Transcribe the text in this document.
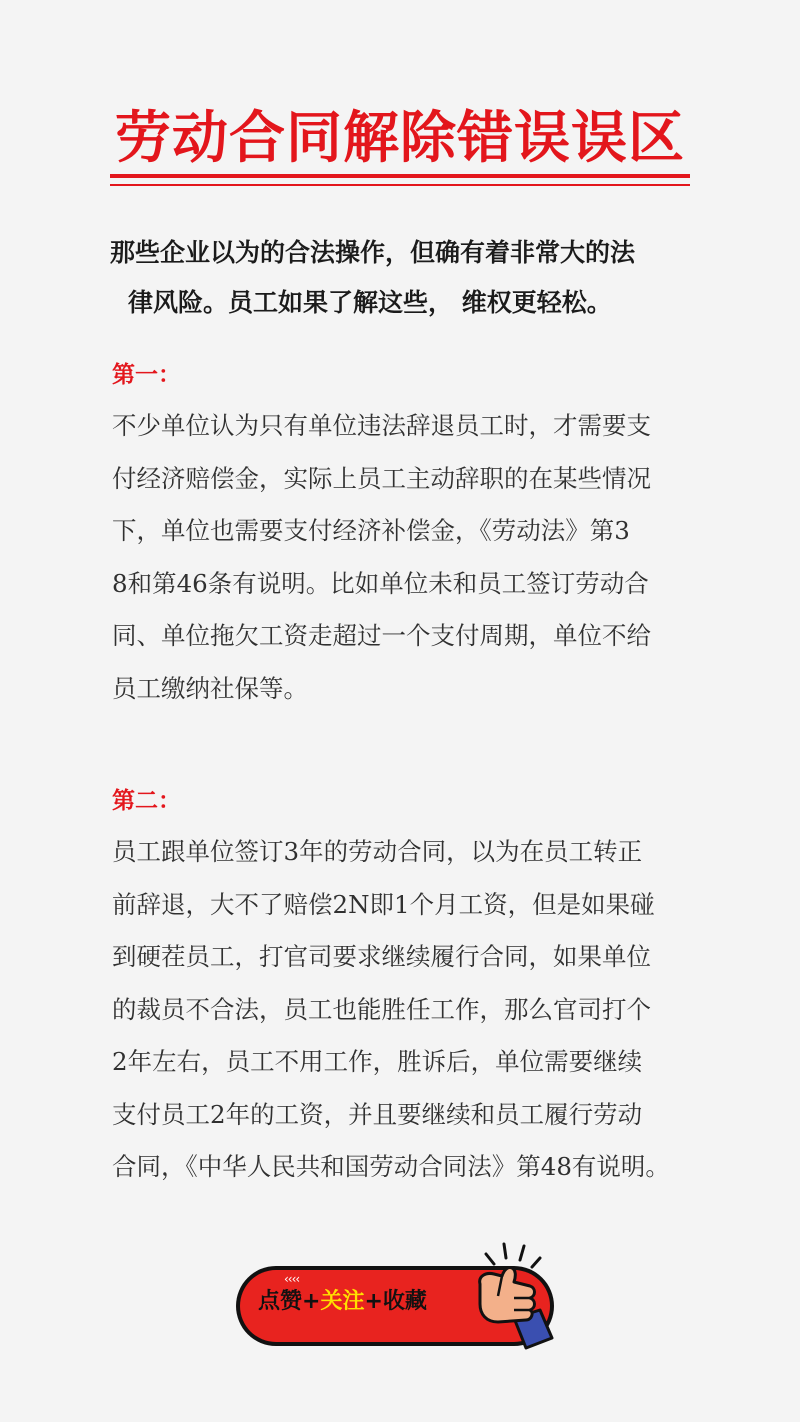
劳动合同解除错误误区
那些企业以为的合法操作，但确有着非常大的法
律风险。员工如果了解这些， 维权更轻松。
第一：
不少单位认为只有单位违法辞退员工时，才需要支
付经济赔偿金，实际上员工主动辞职的在某些情况
下，单位也需要支付经济补偿金，《劳动法》第3
8和第46条有说明。比如单位未和员工签订劳动合
同、单位拖欠工资走超过一个支付周期，单位不给
员工缴纳社保等。
第二：
员工跟单位签订3年的劳动合同，以为在员工转正
前辞退，大不了赔偿2N即1个月工资，但是如果碰
到硬茬员工，打官司要求继续履行合同，如果单位
的裁员不合法，员工也能胜任工作，那么官司打个
2年左右，员工不用工作，胜诉后，单位需要继续
支付员工2年的工资，并且要继续和员工履行劳动
合同，《中华人民共和国劳动合同法》第48有说明。
‹‹‹‹
点赞+关注+收藏
